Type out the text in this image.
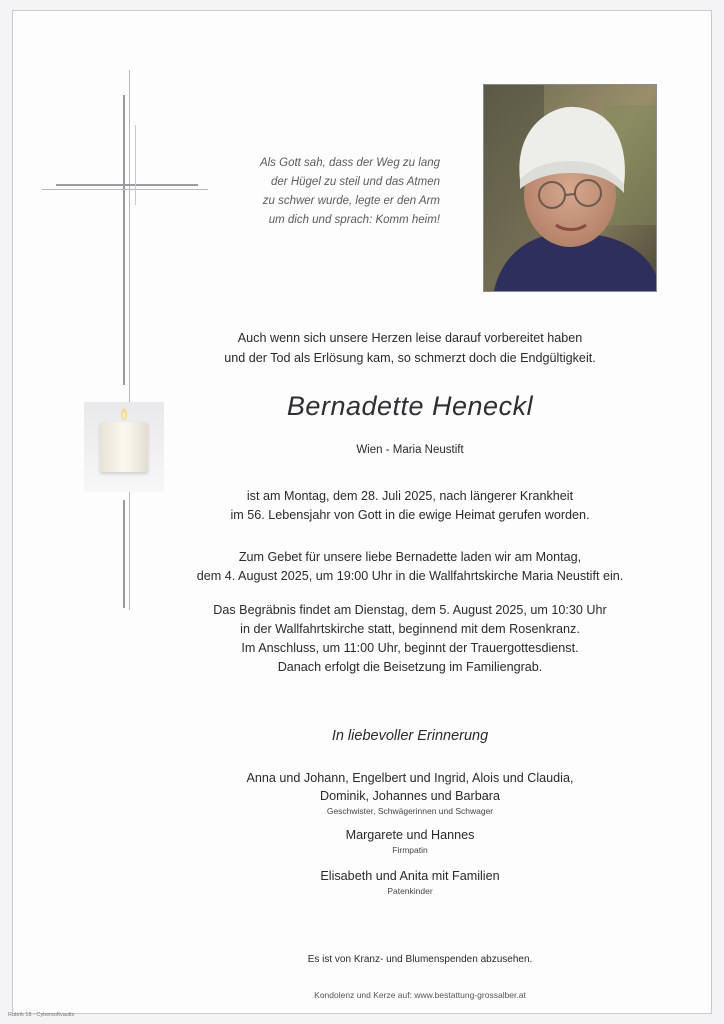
Als Gott sah, dass der Weg zu lang
der Hügel zu steil und das Atmen
zu schwer wurde, legte er den Arm
um dich und sprach: Komm heim!
Auch wenn sich unsere Herzen leise darauf vorbereitet haben
und der Tod als Erlösung kam, so schmerzt doch die Endgültigkeit.
Bernadette Heneckl
Wien - Maria Neustift
ist am Montag, dem 28. Juli 2025, nach längerer Krankheit
im 56. Lebensjahr von Gott in die ewige Heimat gerufen worden.
Zum Gebet für unsere liebe Bernadette laden wir am Montag,
dem 4. August 2025, um 19:00 Uhr in die Wallfahrtskirche Maria Neustift ein.
Das Begräbnis findet am Dienstag, dem 5. August 2025, um 10:30 Uhr
in der Wallfahrtskirche statt, beginnend mit dem Rosenkranz.
Im Anschluss, um 11:00 Uhr, beginnt der Trauergottesdienst.
Danach erfolgt die Beisetzung im Familiengrab.
In liebevoller Erinnerung
Anna und Johann, Engelbert und Ingrid, Alois und Claudia,
Dominik, Johannes und Barbara
Geschwister, Schwägerinnen und Schwager
Margarete und Hannes
Firmpatin
Elisabeth und Anita mit Familien
Patenkinder
Es ist von Kranz- und Blumenspenden abzusehen.
Kondolenz und Kerze auf: www.bestattung-grossalber.at
Rubrik 18 - Cybersoftvaults
